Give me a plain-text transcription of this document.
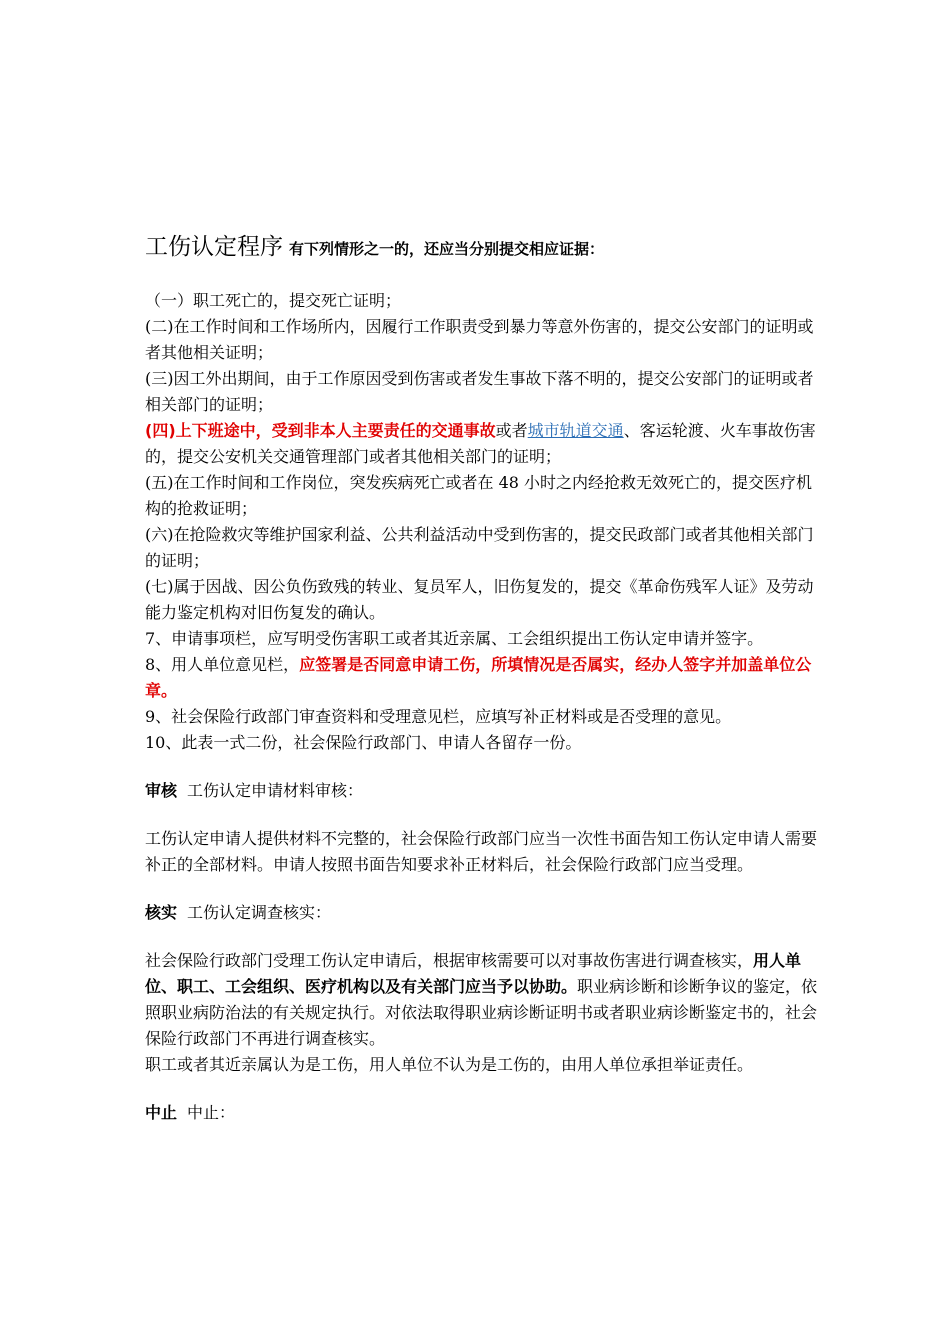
工伤认定程序 有下列情形之一的，还应当分别提交相应证据：

（一）职工死亡的，提交死亡证明；

(二)在工作时间和工作场所内，因履行工作职责受到暴力等意外伤害的，提交公安部门的证明或者其他相关证明；

(三)因工外出期间，由于工作原因受到伤害或者发生事故下落不明的，提交公安部门的证明或者相关部门的证明；

(四)上下班途中，受到非本人主要责任的交通事故或者城市轨道交通、客运轮渡、火车事故伤害的，提交公安机关交通管理部门或者其他相关部门的证明；

(五)在工作时间和工作岗位，突发疾病死亡或者在 48 小时之内经抢救无效死亡的，提交医疗机构的抢救证明；

(六)在抢险救灾等维护国家利益、公共利益活动中受到伤害的，提交民政部门或者其他相关部门的证明；

(七)属于因战、因公负伤致残的转业、复员军人，旧伤复发的，提交《革命伤残军人证》及劳动能力鉴定机构对旧伤复发的确认。

7、申请事项栏，应写明受伤害职工或者其近亲属、工会组织提出工伤认定申请并签字。

8、用人单位意见栏，应签署是否同意申请工伤，所填情况是否属实，经办人签字并加盖单位公章。

9、社会保险行政部门审查资料和受理意见栏，应填写补正材料或是否受理的意见。

10、此表一式二份，社会保险行政部门、申请人各留存一份。

审核 工伤认定申请材料审核：

工伤认定申请人提供材料不完整的，社会保险行政部门应当一次性书面告知工伤认定申请人需要补正的全部材料。申请人按照书面告知要求补正材料后，社会保险行政部门应当受理。

核实 工伤认定调查核实：

社会保险行政部门受理工伤认定申请后，根据审核需要可以对事故伤害进行调查核实，用人单位、职工、工会组织、医疗机构以及有关部门应当予以协助。职业病诊断和诊断争议的鉴定，依照职业病防治法的有关规定执行。对依法取得职业病诊断证明书或者职业病诊断鉴定书的，社会保险行政部门不再进行调查核实。

职工或者其近亲属认为是工伤，用人单位不认为是工伤的，由用人单位承担举证责任。

中止 中止：
